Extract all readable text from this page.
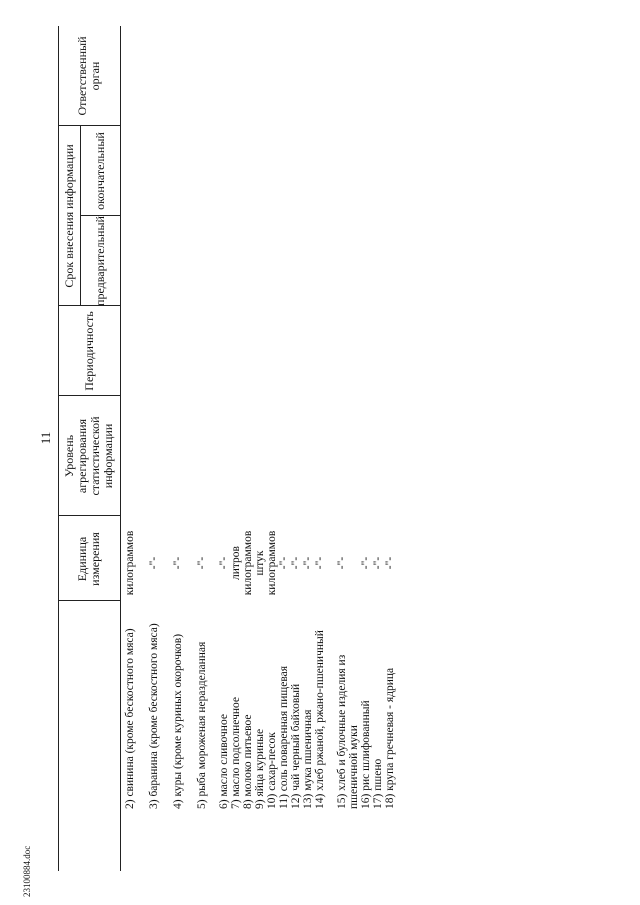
11
Единица измерения
Уровень агрегирования статистической информации
Периодичность
Срок внесения информации	предварительный
окончательный
Ответственный орган
2) свинина (кроме бескостного мяса)
килограммов
3) баранина (кроме бескостного мяса)
-"-
4) куры (кроме куриных окорочков)
-"-
5) рыба мороженая неразделанная
-"-
6) масло сливочное
-"-
7) масло подсолнечное
литров
8) молоко питьевое
килограммов
9) яйца куриные
штук
10) сахар-песок
килограммов
11) соль поваренная пищевая
-"-
12) чай черный байховый
-"-
13) мука пшеничная
-"-
14) хлеб ржаной, ржано-пшеничный
-"-
15) хлеб и булочные изделия из пшеничной муки
-"-
16) рис шлифованный
-"-
17) пшено
-"-
18) крупа гречневая - ядрица
-"-
23100884.doc
